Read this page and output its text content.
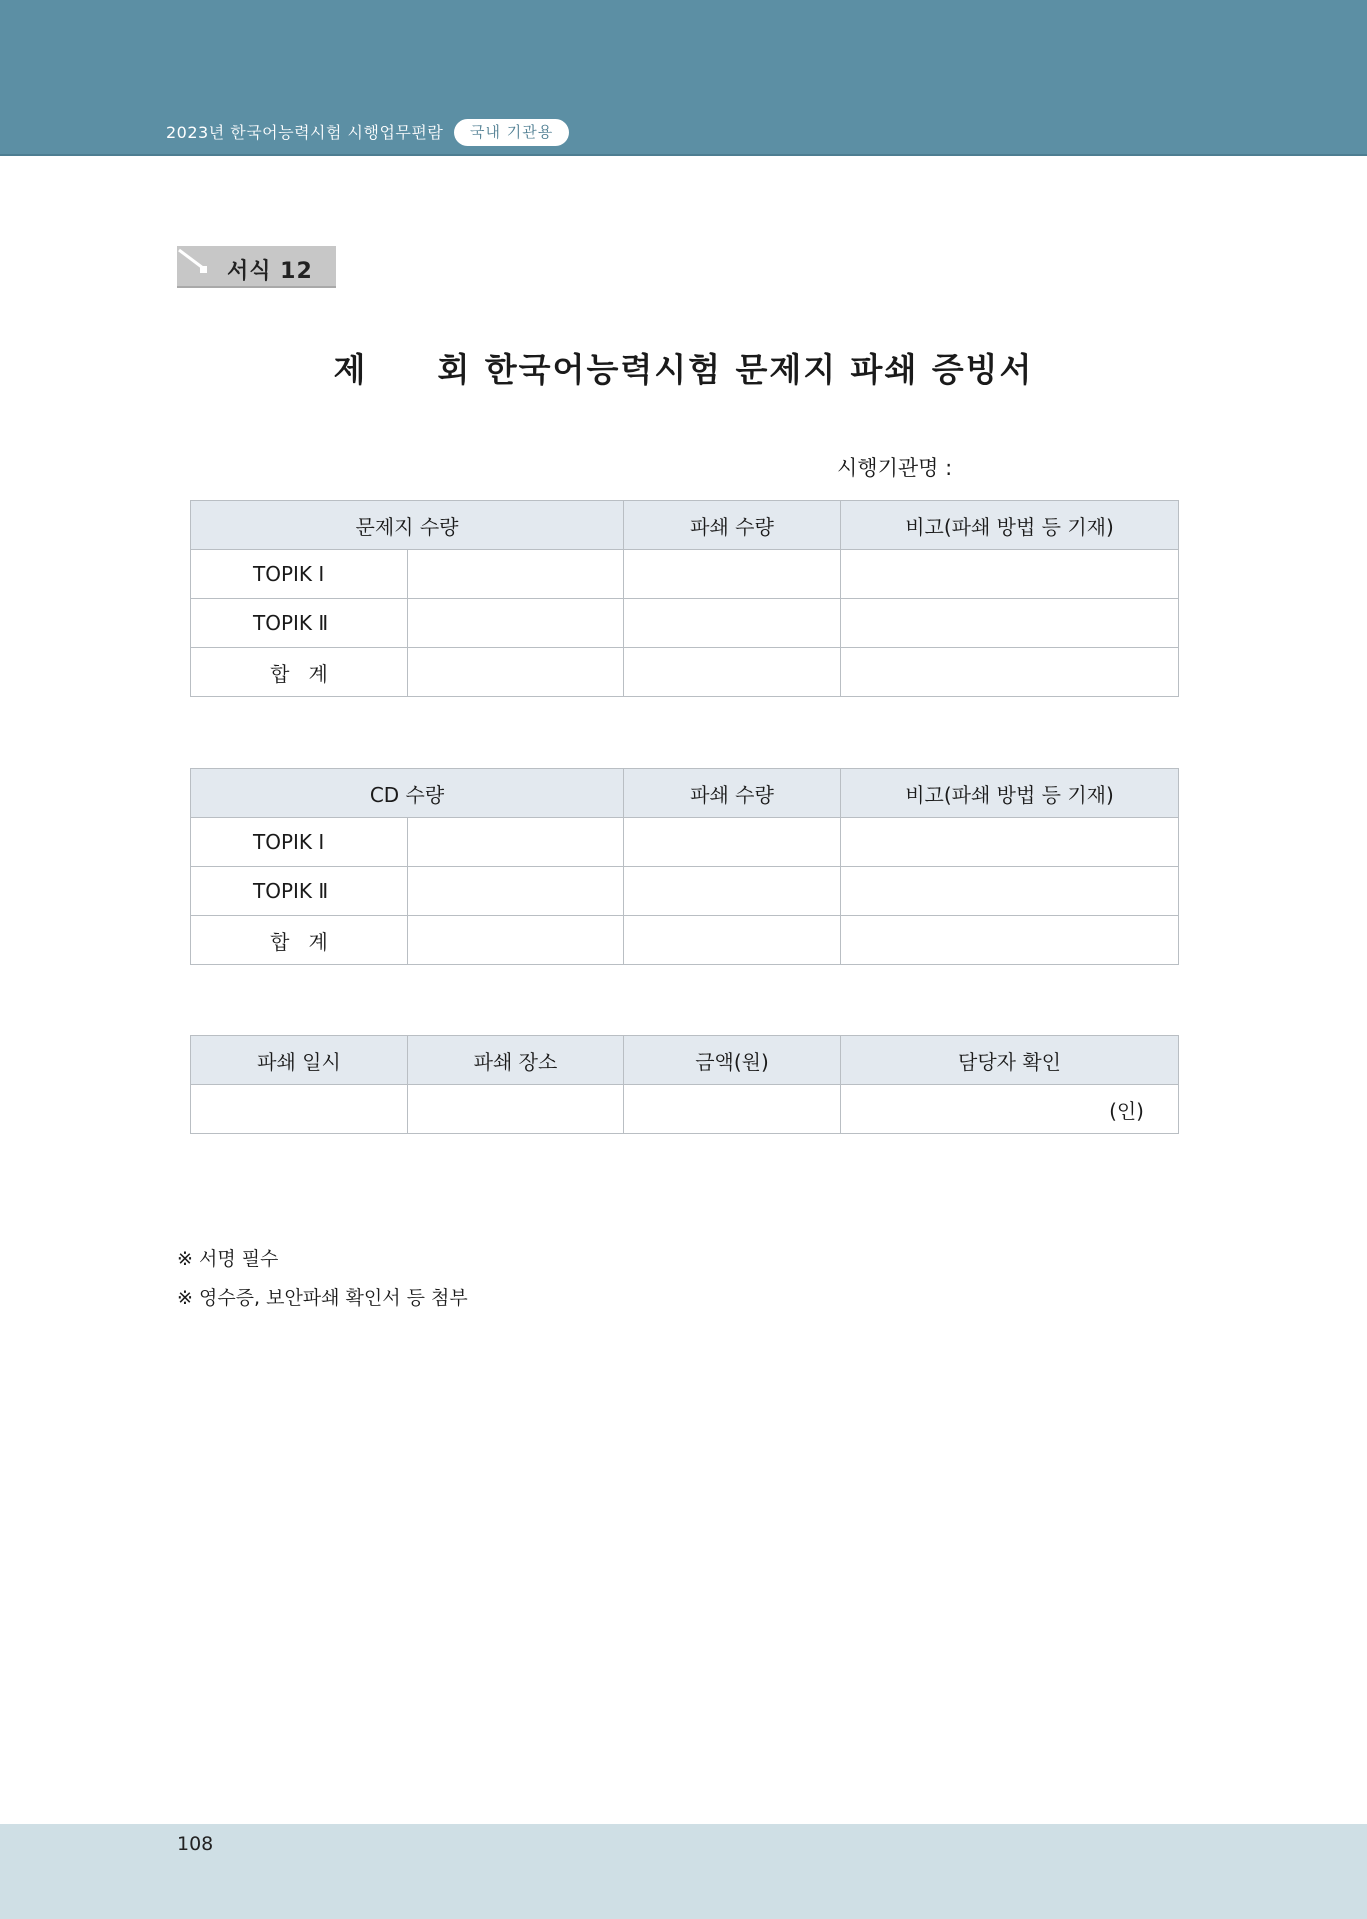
2023년 한국어능력시험 시행업무편람	국내 기관용
서식 12
제 회 한국어능력시험 문제지 파쇄 증빙서
시행기관명 :
문제지 수량		파쇄 수량	비고(파쇄 방법 등 기재)
TOPIK Ⅰ			
TOPIK Ⅱ			
합   계			
CD 수량		파쇄 수량	비고(파쇄 방법 등 기재)
TOPIK Ⅰ			
TOPIK Ⅱ			
합   계			
파쇄 일시	파쇄 장소	금액(원)	담당자 확인
			(인)
※ 서명 필수
※ 영수증, 보안파쇄 확인서 등 첨부
108
